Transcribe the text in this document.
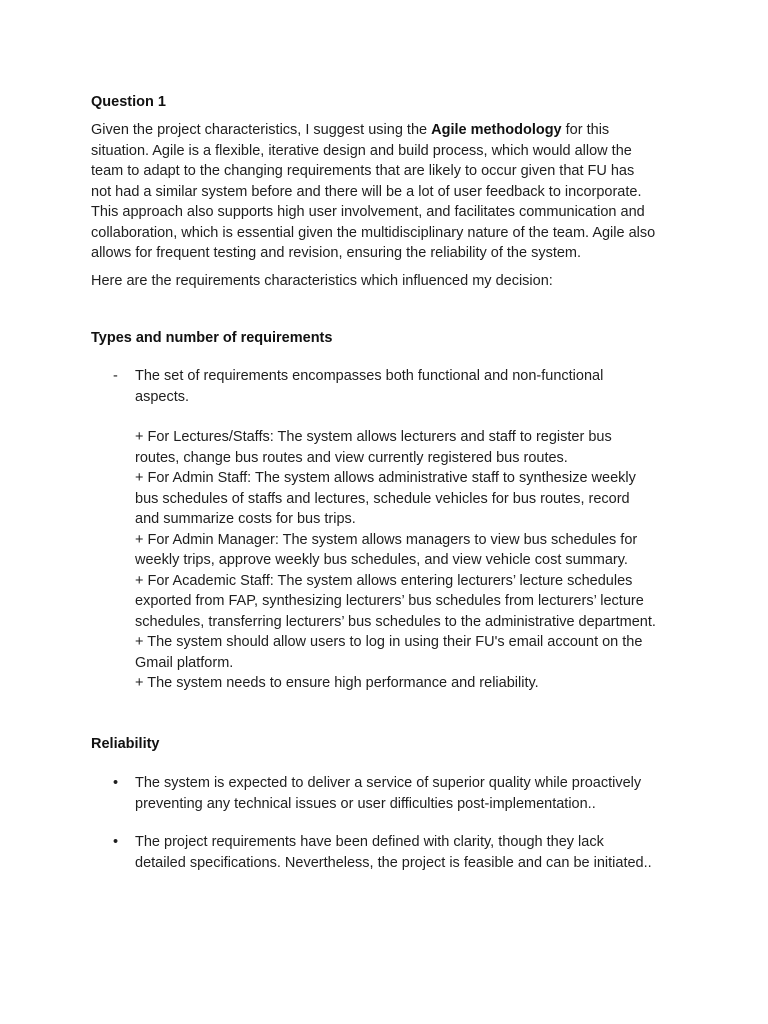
Question 1

Given the project characteristics, I suggest using the Agile methodology for this
situation. Agile is a flexible, iterative design and build process, which would allow the
team to adapt to the changing requirements that are likely to occur given that FU has
not had a similar system before and there will be a lot of user feedback to incorporate.
This approach also supports high user involvement, and facilitates communication and
collaboration, which is essential given the multidisciplinary nature of the team. Agile also
allows for frequent testing and revision, ensuring the reliability of the system.

Here are the requirements characteristics which influenced my decision:

Types and number of requirements
- The set of requirements encompasses both functional and non-functional
aspects.

+ For Lectures/Staffs: The system allows lecturers and staff to register bus
routes, change bus routes and view currently registered bus routes.
+ For Admin Staff: The system allows administrative staff to synthesize weekly
bus schedules of staffs and lectures, schedule vehicles for bus routes, record
and summarize costs for bus trips.
+ For Admin Manager: The system allows managers to view bus schedules for
weekly trips, approve weekly bus schedules, and view vehicle cost summary.
+ For Academic Staff: The system allows entering lecturers’ lecture schedules
exported from FAP, synthesizing lecturers’ bus schedules from lecturers’ lecture
schedules, transferring lecturers’ bus schedules to the administrative department.
+ The system should allow users to log in using their FU's email account on the
Gmail platform.
+ The system needs to ensure high performance and reliability.

Reliability
• The system is expected to deliver a service of superior quality while proactively
preventing any technical issues or user difficulties post-implementation..

• The project requirements have been defined with clarity, though they lack
detailed specifications. Nevertheless, the project is feasible and can be initiated..
